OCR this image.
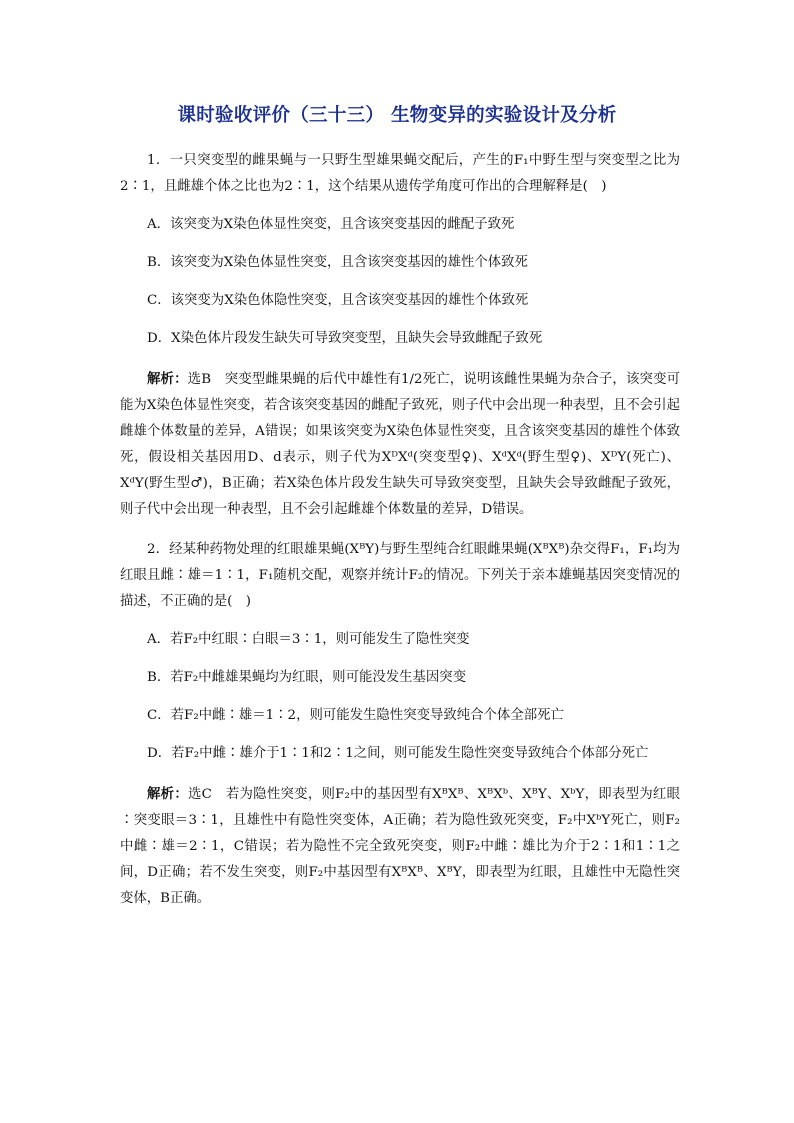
课时验收评价（三十三） 生物变异的实验设计及分析

1．一只突变型的雌果蝇与一只野生型雄果蝇交配后，产生的F₁中野生型与突变型之比为2∶1，且雌雄个体之比也为2∶1，这个结果从遗传学角度可作出的合理解释是(　)

A．该突变为X染色体显性突变，且含该突变基因的雌配子致死

B．该突变为X染色体显性突变，且含该突变基因的雄性个体致死

C．该突变为X染色体隐性突变，且含该突变基因的雄性个体致死

D．X染色体片段发生缺失可导致突变型，且缺失会导致雌配子致死

解析：选B　突变型雌果蝇的后代中雄性有1/2死亡，说明该雌性果蝇为杂合子，该突变可能为X染色体显性突变，若含该突变基因的雌配子致死，则子代中会出现一种表型，且不会引起雌雄个体数量的差异，A错误；如果该突变为X染色体显性突变，且含该突变基因的雄性个体致死，假设相关基因用D、d表示，则子代为XᴰXᵈ(突变型♀)、XᵈXᵈ(野生型♀)、XᴰY(死亡)、XᵈY(野生型♂)，B正确；若X染色体片段发生缺失可导致突变型，且缺失会导致雌配子致死，则子代中会出现一种表型，且不会引起雌雄个体数量的差异，D错误。

2．经某种药物处理的红眼雄果蝇(XᴮY)与野生型纯合红眼雌果蝇(XᴮXᴮ)杂交得F₁，F₁均为红眼且雌∶雄＝1∶1，F₁随机交配，观察并统计F₂的情况。下列关于亲本雄蝇基因突变情况的描述，不正确的是(　)

A．若F₂中红眼∶白眼＝3∶1，则可能发生了隐性突变

B．若F₂中雌雄果蝇均为红眼，则可能没发生基因突变

C．若F₂中雌∶雄＝1∶2，则可能发生隐性突变导致纯合个体全部死亡

D．若F₂中雌∶雄介于1∶1和2∶1之间，则可能发生隐性突变导致纯合个体部分死亡

解析：选C　若为隐性突变，则F₂中的基因型有XᴮXᴮ、XᴮXᵇ、XᴮY、XᵇY，即表型为红眼∶突变眼＝3∶1，且雄性中有隐性突变体，A正确；若为隐性致死突变，F₂中XᵇY死亡，则F₂中雌∶雄＝2∶1，C错误；若为隐性不完全致死突变，则F₂中雌∶雄比为介于2∶1和1∶1之间，D正确；若不发生突变，则F₂中基因型有XᴮXᴮ、XᴮY，即表型为红眼，且雄性中无隐性突变体，B正确。
